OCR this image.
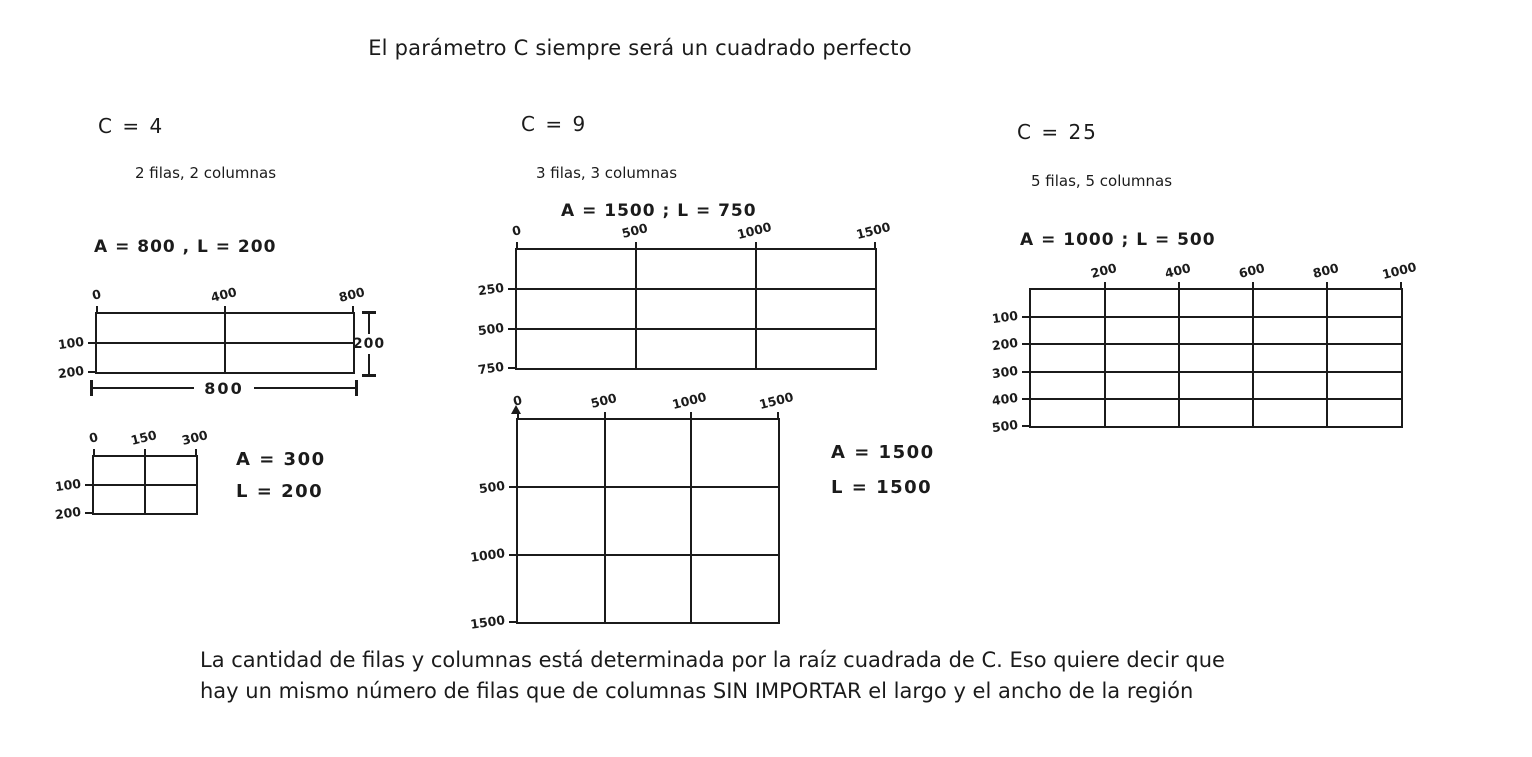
El parámetro C siempre será un cuadrado perfecto
C = 4
2 filas, 2 columnas
A = 800 , L = 200
0	400	800
100
200
800
200
0 150 300
100
200
A = 300
L = 200
C = 9
3 filas, 3 columnas
A = 1500 ; L = 750
0	500	1000	1500
250
500
750
0	500	1000	1500
500
1000
1500
A = 1500
L = 1500
C = 25
5 filas, 5 columnas
A = 1000 ; L = 500
200	400	600	800	1000
100
200
300
400
500
La cantidad de filas y columnas está determinada por la raíz cuadrada de C. Eso quiere decir que
hay un mismo número de filas que de columnas SIN IMPORTAR el largo y el ancho de la región
